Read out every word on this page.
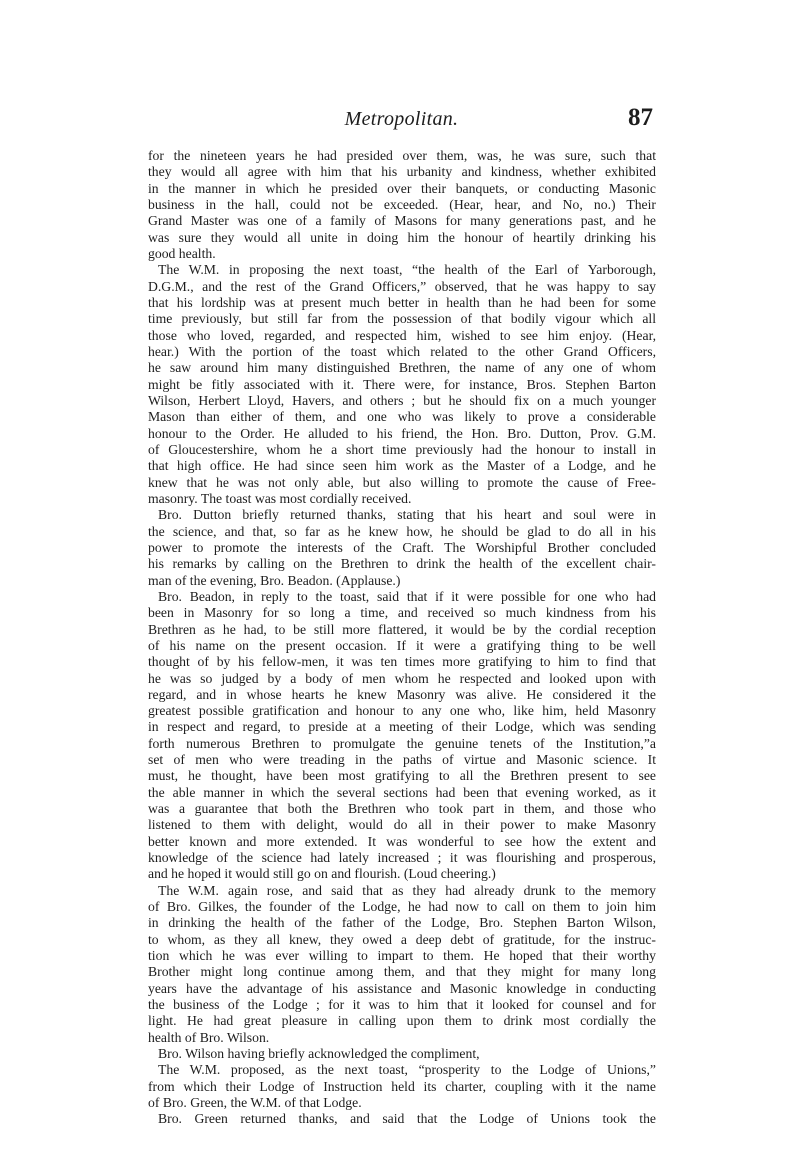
Metropolitan.	87
for the nineteen years he had presided over them, was, he was sure, such that
they would all agree with him that his urbanity and kindness, whether exhibited
in the manner in which he presided over their banquets, or conducting Masonic
business in the hall, could not be exceeded. (Hear, hear, and No, no.) Their
Grand Master was one of a family of Masons for many generations past, and he
was sure they would all unite in doing him the honour of heartily drinking his
good health.
The W.M. in proposing the next toast, “the health of the Earl of Yarborough,
D.G.M., and the rest of the Grand Officers,” observed, that he was happy to say
that his lordship was at present much better in health than he had been for some
time previously, but still far from the possession of that bodily vigour which all
those who loved, regarded, and respected him, wished to see him enjoy. (Hear,
hear.) With the portion of the toast which related to the other Grand Officers,
he saw around him many distinguished Brethren, the name of any one of whom
might be fitly associated with it. There were, for instance, Bros. Stephen Barton
Wilson, Herbert Lloyd, Havers, and others ; but he should fix on a much younger
Mason than either of them, and one who was likely to prove a considerable
honour to the Order. He alluded to his friend, the Hon. Bro. Dutton, Prov. G.M.
of Gloucestershire, whom he a short time previously had the honour to install in
that high office. He had since seen him work as the Master of a Lodge, and he
knew that he was not only able, but also willing to promote the cause of Free-
masonry. The toast was most cordially received.
Bro. Dutton briefly returned thanks, stating that his heart and soul were in
the science, and that, so far as he knew how, he should be glad to do all in his
power to promote the interests of the Craft. The Worshipful Brother concluded
his remarks by calling on the Brethren to drink the health of the excellent chair-
man of the evening, Bro. Beadon. (Applause.)
Bro. Beadon, in reply to the toast, said that if it were possible for one who had
been in Masonry for so long a time, and received so much kindness from his
Brethren as he had, to be still more flattered, it would be by the cordial reception
of his name on the present occasion. If it were a gratifying thing to be well
thought of by his fellow-men, it was ten times more gratifying to him to find that
he was so judged by a body of men whom he respected and looked upon with
regard, and in whose hearts he knew Masonry was alive. He considered it the
greatest possible gratification and honour to any one who, like him, held Masonry
in respect and regard, to preside at a meeting of their Lodge, which was sending
forth numerous Brethren to promulgate the genuine tenets of the Institution,”a
set of men who were treading in the paths of virtue and Masonic science. It
must, he thought, have been most gratifying to all the Brethren present to see
the able manner in which the several sections had been that evening worked, as it
was a guarantee that both the Brethren who took part in them, and those who
listened to them with delight, would do all in their power to make Masonry
better known and more extended. It was wonderful to see how the extent and
knowledge of the science had lately increased ; it was flourishing and prosperous,
and he hoped it would still go on and flourish. (Loud cheering.)
The W.M. again rose, and said that as they had already drunk to the memory
of Bro. Gilkes, the founder of the Lodge, he had now to call on them to join him
in drinking the health of the father of the Lodge, Bro. Stephen Barton Wilson,
to whom, as they all knew, they owed a deep debt of gratitude, for the instruc-
tion which he was ever willing to impart to them. He hoped that their worthy
Brother might long continue among them, and that they might for many long
years have the advantage of his assistance and Masonic knowledge in conducting
the business of the Lodge ; for it was to him that it looked for counsel and for
light. He had great pleasure in calling upon them to drink most cordially the
health of Bro. Wilson.
Bro. Wilson having briefly acknowledged the compliment,
The W.M. proposed, as the next toast, “prosperity to the Lodge of Unions,”
from which their Lodge of Instruction held its charter, coupling with it the name
of Bro. Green, the W.M. of that Lodge.
Bro. Green returned thanks, and said that the Lodge of Unions took the
